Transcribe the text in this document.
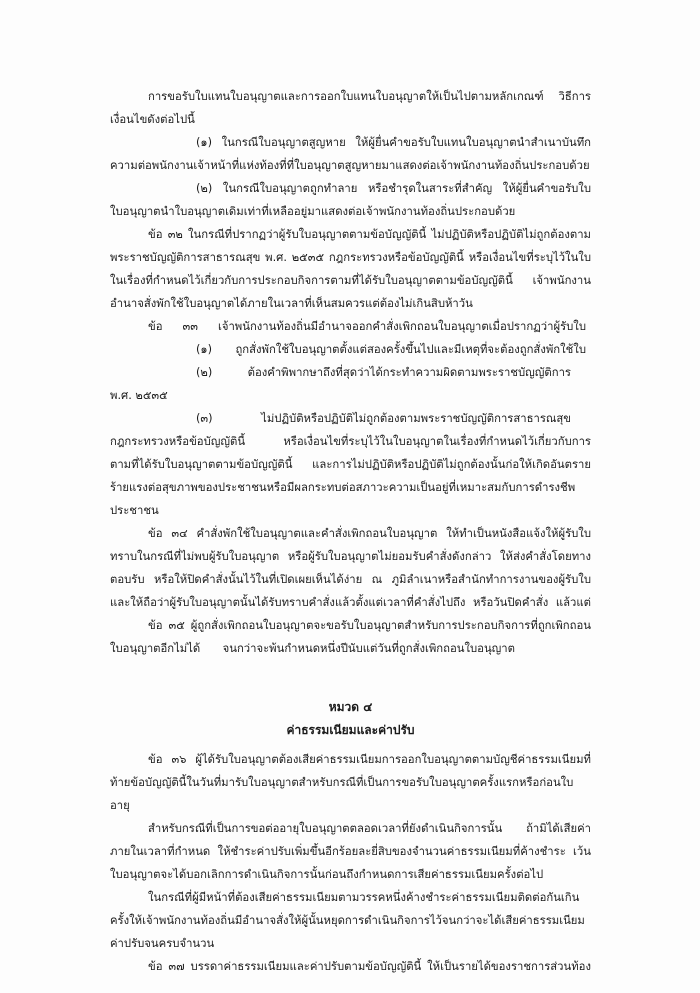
การขอรับใบแทนใบอนุญาตและการออกใบแทนใบอนุญาตให้เป็นไปตามหลักเกณฑ์ วิธีการ
เงื่อนไขดังต่อไปนี้
(๑) ในกรณีใบอนุญาตสูญหาย ให้ผู้ยื่นคำขอรับใบแทนใบอนุญาตนำสำเนาบันทึก
ความต่อพนักงานเจ้าหน้าที่แห่งท้องที่ที่ใบอนุญาตสูญหายมาแสดงต่อเจ้าพนักงานท้องถิ่นประกอบด้วย
(๒) ในกรณีใบอนุญาตถูกทำลาย หรือชำรุดในสาระที่สำคัญ ให้ผู้ยื่นคำขอรับใบ
ใบอนุญาตนำใบอนุญาตเดิมเท่าที่เหลืออยู่มาแสดงต่อเจ้าพนักงานท้องถิ่นประกอบด้วย
ข้อ ๓๒ ในกรณีที่ปรากฏว่าผู้รับใบอนุญาตตามข้อบัญญัตินี้ ไม่ปฏิบัติหรือปฏิบัติไม่ถูกต้องตาม
พระราชบัญญัติการสาธารณสุข พ.ศ. ๒๕๓๕ กฎกระทรวงหรือข้อบัญญัตินี้ หรือเงื่อนไขที่ระบุไว้ในใบ
ในเรื่องที่กำหนดไว้เกี่ยวกับการประกอบกิจการตามที่ได้รับใบอนุญาตตามข้อบัญญัตินี้ เจ้าพนักงาน
อำนาจสั่งพักใช้ใบอนุญาตได้ภายในเวลาที่เห็นสมควรแต่ต้องไม่เกินสิบห้าวัน
ข้อ ๓๓ เจ้าพนักงานท้องถิ่นมีอำนาจออกคำสั่งเพิกถอนใบอนุญาตเมื่อปรากฏว่าผู้รับใบ
(๑) ถูกสั่งพักใช้ใบอนุญาตตั้งแต่สองครั้งขึ้นไปและมีเหตุที่จะต้องถูกสั่งพักใช้ใบ
(๒) ต้องคำพิพากษาถึงที่สุดว่าได้กระทำความผิดตามพระราชบัญญัติการ
พ.ศ. ๒๕๓๕
(๓) ไม่ปฏิบัติหรือปฏิบัติไม่ถูกต้องตามพระราชบัญญัติการสาธารณสุข
กฎกระทรวงหรือข้อบัญญัตินี้ หรือเงื่อนไขที่ระบุไว้ในใบอนุญาตในเรื่องที่กำหนดไว้เกี่ยวกับการ
ตามที่ได้รับใบอนุญาตตามข้อบัญญัตินี้ และการไม่ปฏิบัติหรือปฏิบัติไม่ถูกต้องนั้นก่อให้เกิดอันตราย
ร้ายแรงต่อสุขภาพของประชาชนหรือมีผลกระทบต่อสภาวะความเป็นอยู่ที่เหมาะสมกับการดำรงชีพ
ประชาชน
ข้อ ๓๔ คำสั่งพักใช้ใบอนุญาตและคำสั่งเพิกถอนใบอนุญาต ให้ทำเป็นหนังสือแจ้งให้ผู้รับใบ
ทราบในกรณีที่ไม่พบผู้รับใบอนุญาต หรือผู้รับใบอนุญาตไม่ยอมรับคำสั่งดังกล่าว ให้ส่งคำสั่งโดยทาง
ตอบรับ หรือให้ปิดคำสั่งนั้นไว้ในที่เปิดเผยเห็นได้ง่าย ณ ภูมิลำเนาหรือสำนักทำการงานของผู้รับใบ
และให้ถือว่าผู้รับใบอนุญาตนั้นได้รับทราบคำสั่งแล้วตั้งแต่เวลาที่คำสั่งไปถึง หรือวันปิดคำสั่ง แล้วแต่
ข้อ ๓๕ ผู้ถูกสั่งเพิกถอนใบอนุญาตจะขอรับใบอนุญาตสำหรับการประกอบกิจการที่ถูกเพิกถอน
ใบอนุญาตอีกไม่ได้ จนกว่าจะพ้นกำหนดหนึ่งปีนับแต่วันที่ถูกสั่งเพิกถอนใบอนุญาต
หมวด ๔
ค่าธรรมเนียมและค่าปรับ
ข้อ ๓๖ ผู้ได้รับใบอนุญาตต้องเสียค่าธรรมเนียมการออกใบอนุญาตตามบัญชีค่าธรรมเนียมที่
ท้ายข้อบัญญัตินี้ในวันที่มารับใบอนุญาตสำหรับกรณีที่เป็นการขอรับใบอนุญาตครั้งแรกหรือก่อนใบ
อายุ
สำหรับกรณีที่เป็นการขอต่ออายุใบอนุญาตตลอดเวลาที่ยังดำเนินกิจการนั้น ถ้ามิได้เสียค่า
ภายในเวลาที่กำหนด ให้ชำระค่าปรับเพิ่มขึ้นอีกร้อยละยี่สิบของจำนวนค่าธรรมเนียมที่ค้างชำระ เว้น
ใบอนุญาตจะได้บอกเลิกการดำเนินกิจการนั้นก่อนถึงกำหนดการเสียค่าธรรมเนียมครั้งต่อไป
ในกรณีที่ผู้มีหน้าที่ต้องเสียค่าธรรมเนียมตามวรรคหนึ่งค้างชำระค่าธรรมเนียมติดต่อกันเกิน
ครั้งให้เจ้าพนักงานท้องถิ่นมีอำนาจสั่งให้ผู้นั้นหยุดการดำเนินกิจการไว้จนกว่าจะได้เสียค่าธรรมเนียม
ค่าปรับจนครบจำนวน
ข้อ ๓๗ บรรดาค่าธรรมเนียมและค่าปรับตามข้อบัญญัตินี้ ให้เป็นรายได้ของราชการส่วนท้อง
